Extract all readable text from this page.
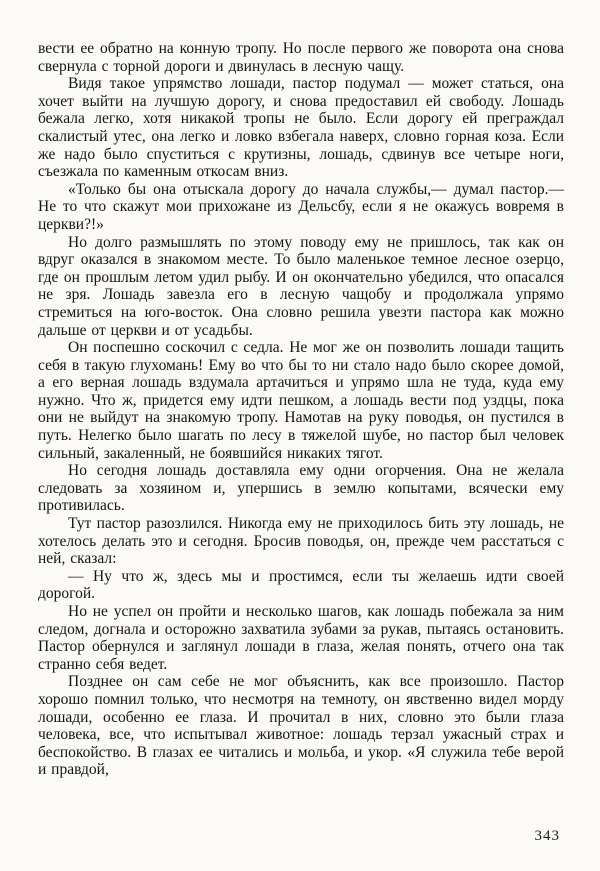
вести ее обратно на конную тропу. Но после первого же поворота она снова свернула с торной дороги и двинулась в лесную чащу.

Видя такое упрямство лошади, пастор подумал — может статься, она хочет выйти на лучшую дорогу, и снова предоставил ей свободу. Лошадь бежала легко, хотя никакой тропы не было. Если дорогу ей преграждал скалистый утес, она легко и ловко взбегала наверх, словно горная коза. Если же надо было спуститься с крутизны, лошадь, сдвинув все четыре ноги, съезжала по каменным откосам вниз.

«Только бы она отыскала дорогу до начала службы,— думал пастор.— Не то что скажут мои прихожане из Дельсбу, если я не окажусь вовремя в церкви?!»

Но долго размышлять по этому поводу ему не пришлось, так как он вдруг оказался в знакомом месте. То было маленькое темное лесное озерцо, где он прошлым летом удил рыбу. И он окончательно убедился, что опасался не зря. Лошадь завезла его в лесную чащобу и продолжала упрямо стремиться на юго-восток. Она словно решила увезти пастора как можно дальше от церкви и от усадьбы.

Он поспешно соскочил с седла. Не мог же он позволить лошади тащить себя в такую глухомань! Ему во что бы то ни стало надо было скорее домой, а его верная лошадь вздумала артачиться и упрямо шла не туда, куда ему нужно. Что ж, придется ему идти пешком, а лошадь вести под уздцы, пока они не выйдут на знакомую тропу. Намотав на руку поводья, он пустился в путь. Нелегко было шагать по лесу в тяжелой шубе, но пастор был человек сильный, закаленный, не боявшийся никаких тягот.

Но сегодня лошадь доставляла ему одни огорчения. Она не желала следовать за хозяином и, упершись в землю копытами, всячески ему противилась.

Тут пастор разозлился. Никогда ему не приходилось бить эту лошадь, не хотелось делать это и сегодня. Бросив поводья, он, прежде чем расстаться с ней, сказал:

— Ну что ж, здесь мы и простимся, если ты желаешь идти своей дорогой.

Но не успел он пройти и несколько шагов, как лошадь побежала за ним следом, догнала и осторожно захватила зубами за рукав, пытаясь остановить. Пастор обернулся и заглянул лошади в глаза, желая понять, отчего она так странно себя ведет.

Позднее он сам себе не мог объяснить, как все произошло. Пастор хорошо помнил только, что несмотря на темноту, он явственно видел морду лошади, особенно ее глаза. И прочитал в них, словно это были глаза человека, все, что испытывал животное: лошадь терзал ужасный страх и беспокойство. В глазах ее читались и мольба, и укор. «Я служила тебе верой и правдой,

343
